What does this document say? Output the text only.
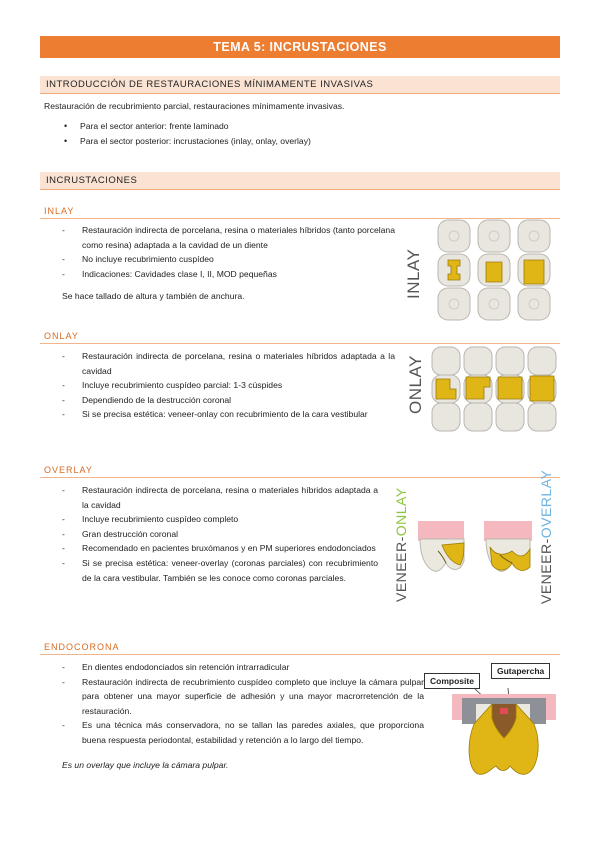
TEMA 5: INCRUSTACIONES
INTRODUCCIÓN DE RESTAURACIONES MÍNIMAMENTE INVASIVAS
Restauración de recubrimiento parcial, restauraciones mínimamente invasivas.
• Para el sector anterior: frente laminado
• Para el sector posterior: incrustaciones (inlay, onlay, overlay)
INCRUSTACIONES
INLAY
- Restauración indirecta de porcelana, resina o materiales híbridos (tanto porcelana como resina) adaptada a la cavidad de un diente
- No incluye recubrimiento cuspídeo
- Indicaciones: Cavidades clase I, II, MOD pequeñas
Se hace tallado de altura y también de anchura.	INLAY
ONLAY
- Restauración indirecta de porcelana, resina o materiales híbridos adaptada a la cavidad
- Incluye recubrimiento cuspídeo parcial: 1-3 cúspides
- Dependiendo de la destrucción coronal
- Si se precisa estética: veneer-onlay con recubrimiento de la cara vestibular
ONLAY
OVERLAY
- Restauración indirecta de porcelana, resina o materiales híbridos adaptada a la cavidad
- Incluye recubrimiento cuspídeo completo
- Gran destrucción coronal
- Recomendado en pacientes bruxómanos y en PM superiores endodonciados
- Si se precisa estética: veneer-overlay (coronas parciales) con recubrimiento de la cara vestibular. También se les conoce como coronas parciales.	VENEER-ONLAY
VENEER-OVERLAY
ENDOCORONA
- En dientes endodonciados sin retención intrarradicular
- Restauración indirecta de recubrimiento cuspídeo completo que incluye la cámara pulpar para obtener una mayor superficie de adhesión y una mayor macrorretención de la restauración.
- Es una técnica más conservadora, no se tallan las paredes axiales, que proporciona buena respuesta periodontal, estabilidad y retención a lo largo del tiempo.
Es un overlay que incluye la cámara pulpar.
Composite
Gutapercha
